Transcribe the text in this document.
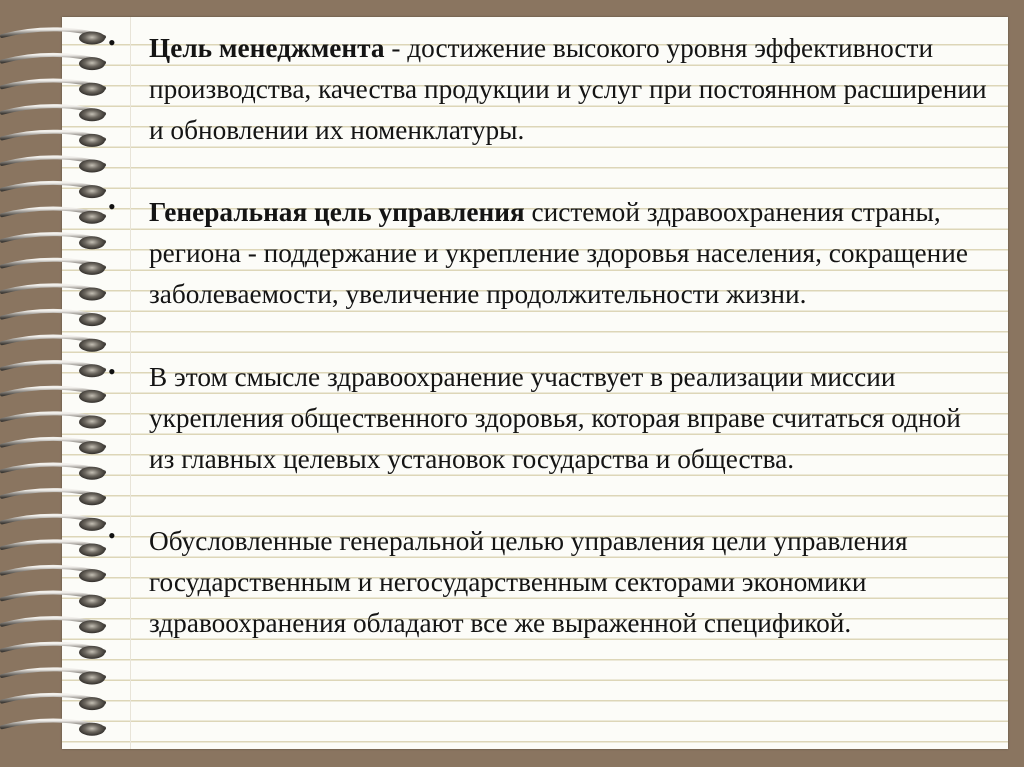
•	Цель менеджмента - достижение высокого уровня эффективности производства, качества продукции и услуг при постоянном расширении и обновлении их номенклатуры.

•	Генеральная цель управления системой здравоохранения страны, региона - поддержание и укрепление здоровья населения, сокращение заболеваемости, увеличение продолжительности жизни.

•	В этом смысле здравоохранение участвует в реализации миссии укрепления общественного здоровья, которая вправе считаться одной из главных целевых установок государства и общества.

•	Обусловленные генеральной целью управления цели управления государственным и негосударственным секторами экономики здравоохранения обладают все же выраженной спецификой.
